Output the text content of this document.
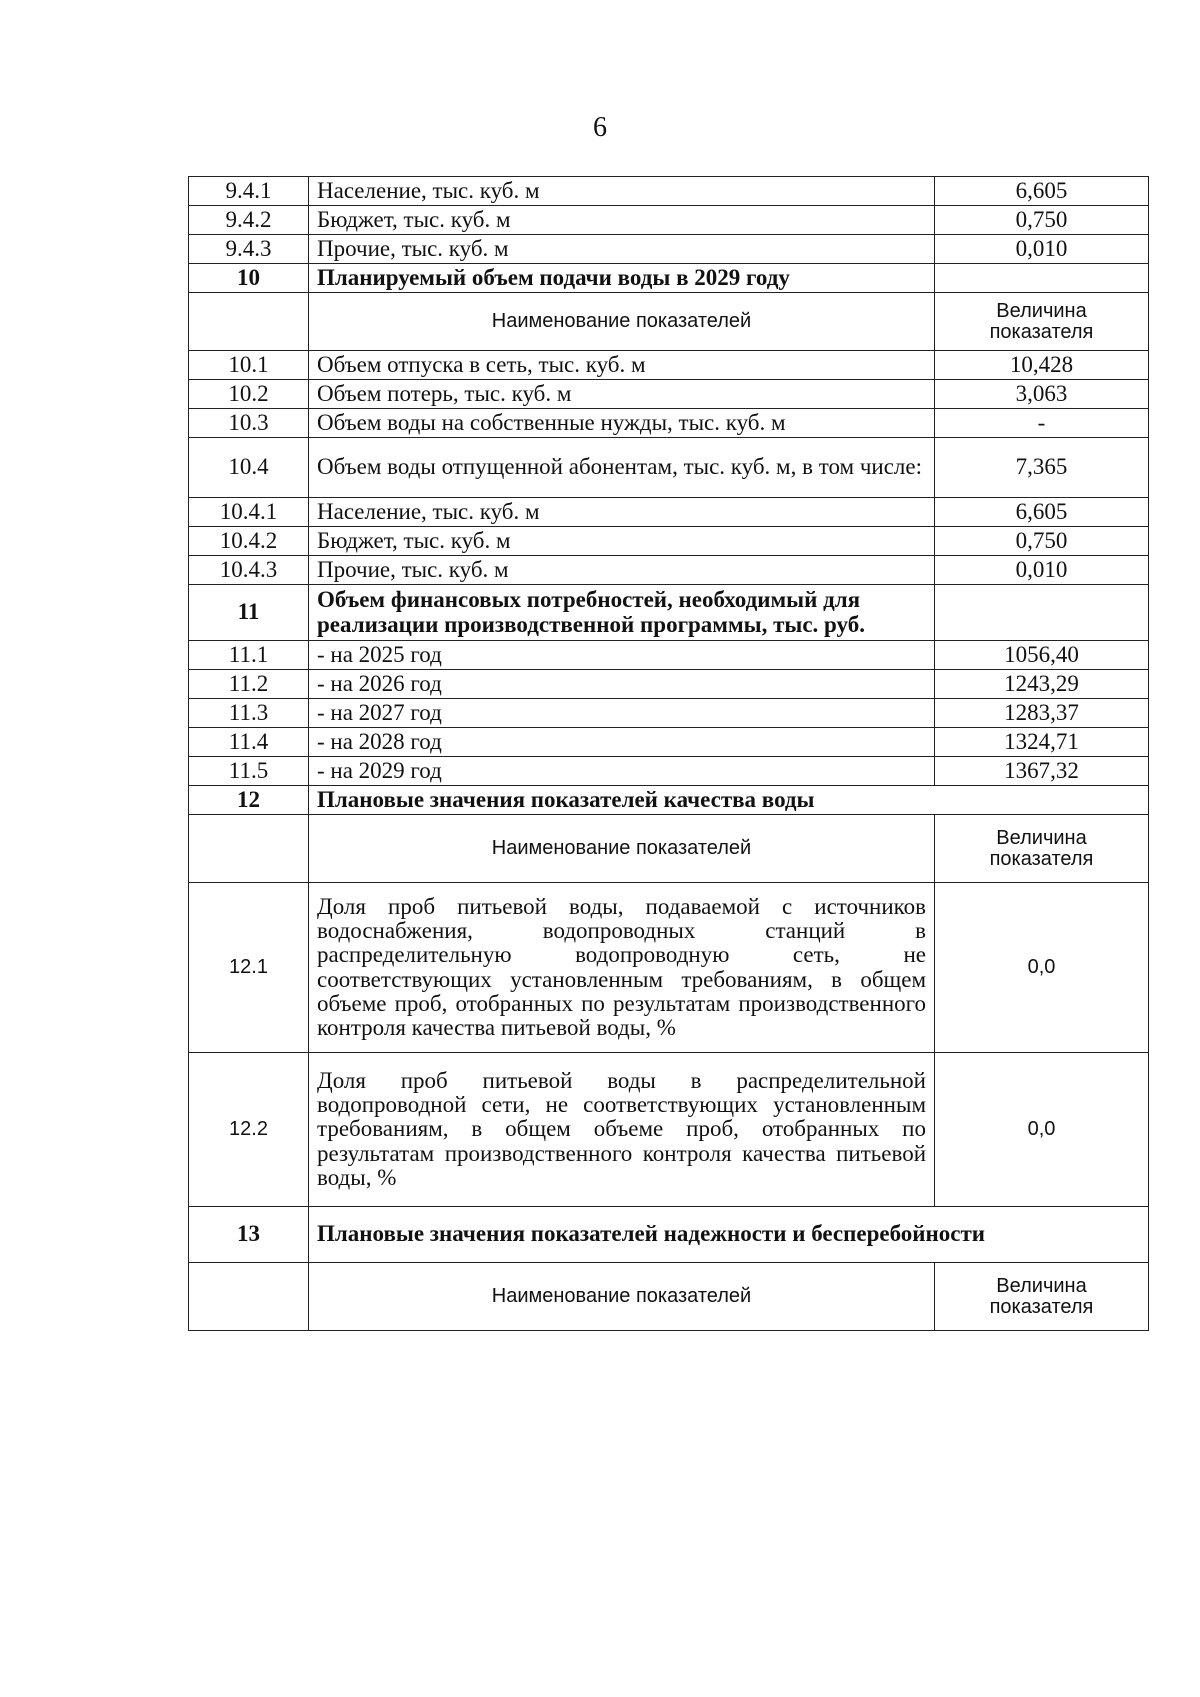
6
9.4.1	Население, тыс. куб. м	6,605
9.4.2	Бюджет, тыс. куб. м	0,750
9.4.3	Прочие, тыс. куб. м	0,010
10	Планируемый объем подачи воды в 2029 году	
	Наименование показателей	Величина показателя
10.1	Объем отпуска в сеть, тыс. куб. м	10,428
10.2	Объем потерь, тыс. куб. м	3,063
10.3	Объем воды на собственные нужды, тыс. куб. м	-
10.4	Объем воды отпущенной абонентам, тыс. куб. м, в том числе:	7,365
10.4.1	Население, тыс. куб. м	6,605
10.4.2	Бюджет, тыс. куб. м	0,750
10.4.3	Прочие, тыс. куб. м	0,010
11	Объем финансовых потребностей, необходимый для реализации производственной программы, тыс. руб.	
11.1	- на 2025 год	1056,40
11.2	- на 2026 год	1243,29
11.3	- на 2027 год	1283,37
11.4	- на 2028 год	1324,71
11.5	- на 2029 год	1367,32
12	Плановые значения показателей качества воды	
	Наименование показателей	Величина показателя
12.1	Доля проб питьевой воды, подаваемой с источников водоснабжения, водопроводных станций в распределительную водопроводную сеть, не соответствующих установленным требованиям, в общем объеме проб, отобранных по результатам производственного контроля качества питьевой воды, %	0,0
12.2	Доля проб питьевой воды в распределительной водопроводной сети, не соответствующих установленным требованиям, в общем объеме проб, отобранных по результатам производственного контроля качества питьевой воды, %	0,0
13	Плановые значения показателей надежности и бесперебойности	
	Наименование показателей	Величина показателя
